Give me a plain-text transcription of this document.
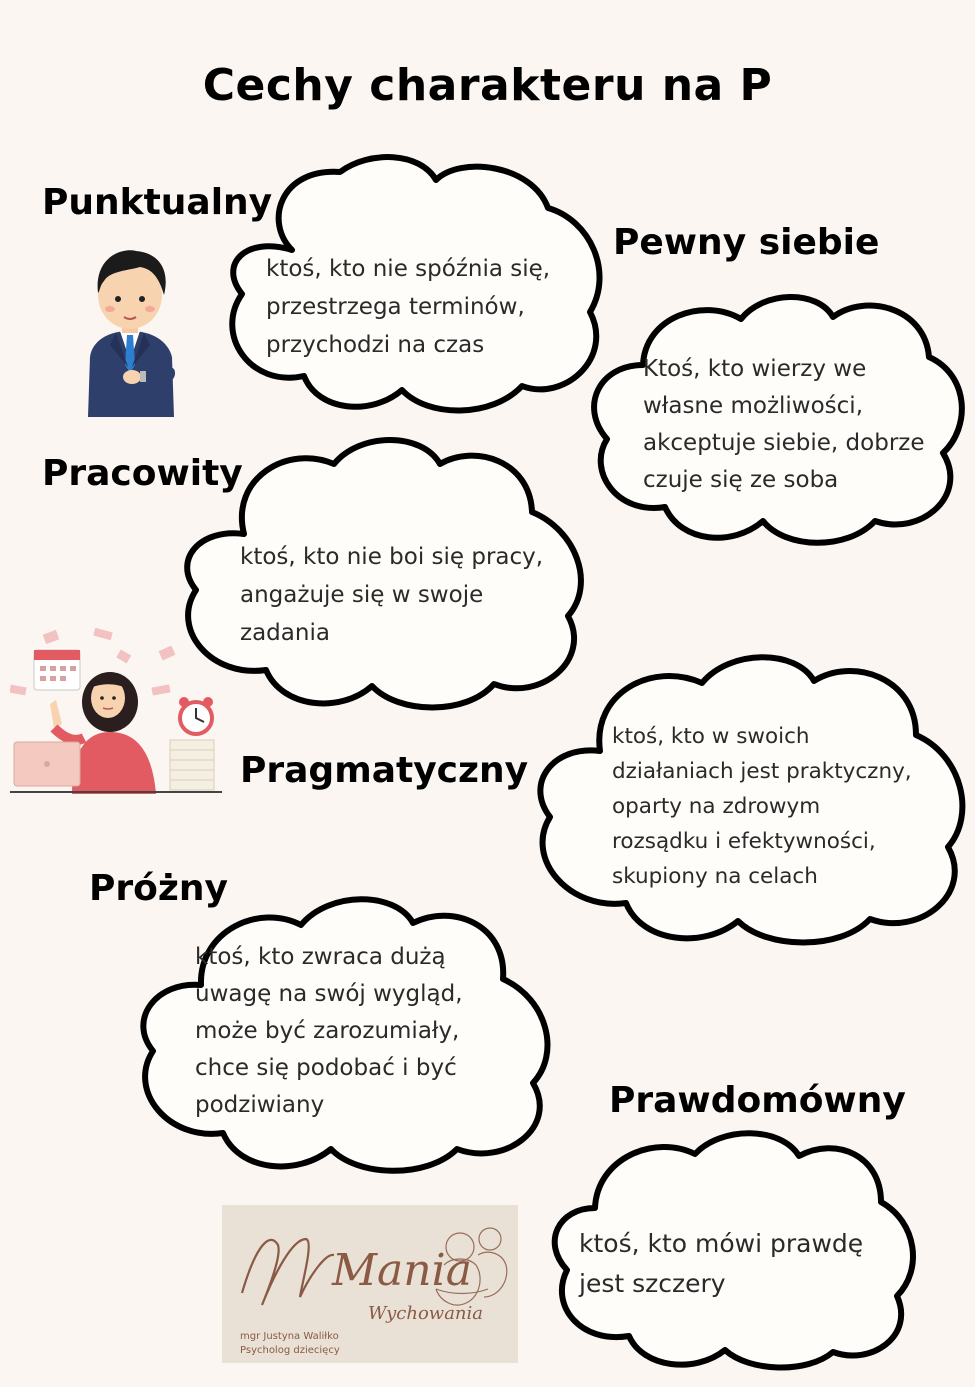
Cechy charakteru na P
Punktualny
Pewny siebie
Pracowity
Pragmatyczny
Próżny
Prawdomówny
ktoś, kto nie spóźnia się,
przestrzega terminów,
przychodzi na czas
Ktoś, kto wierzy we
własne możliwości,
akceptuje siebie, dobrze
czuje się ze soba
ktoś, kto nie boi się pracy,
angażuje się w swoje
zadania
ktoś, kto w swoich
działaniach jest praktyczny,
oparty na zdrowym
rozsądku i efektywności,
skupiony na celach
ktoś, kto zwraca dużą
uwagę na swój wygląd,
może być zarozumiały,
chce się podobać i być
podziwiany
ktoś, kto mówi prawdę
jest szczery
Mania
Wychowania
mgr Justyna Waliłko
Psycholog dziecięcy
